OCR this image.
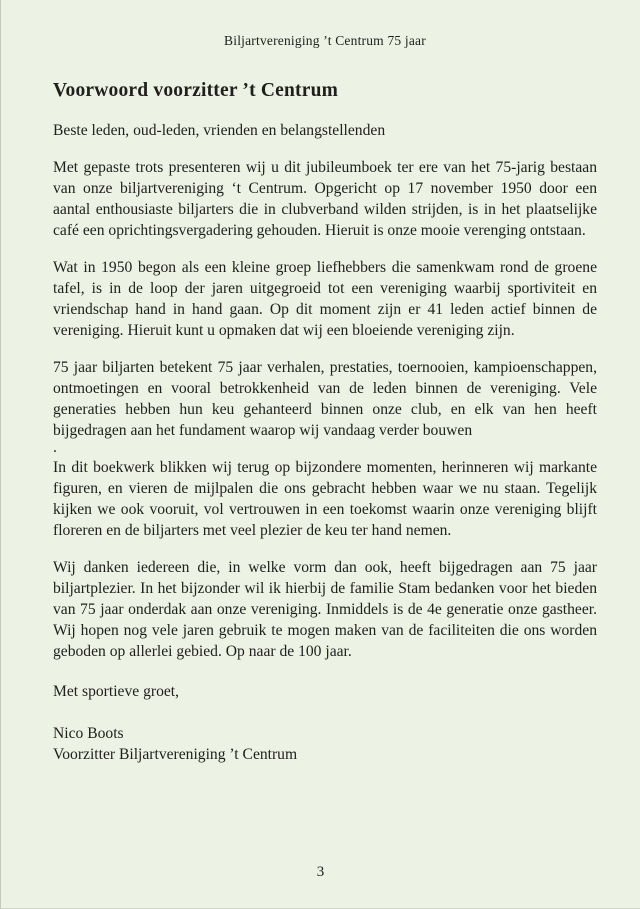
Biljartvereniging ’t Centrum 75 jaar
Voorwoord voorzitter ’t Centrum

Beste leden, oud-leden, vrienden en belangstellenden

Met gepaste trots presenteren wij u dit jubileumboek ter ere van het 75-jarig bestaan van onze biljartvereniging ‘t Centrum. Opgericht op 17 november 1950 door een aantal enthousiaste biljarters die in clubverband wilden strijden, is in het plaatselijke café een oprichtingsvergadering gehouden. Hieruit is onze mooie verenging ontstaan.

Wat in 1950 begon als een kleine groep liefhebbers die samenkwam rond de groene tafel, is in de loop der jaren uitgegroeid tot een vereniging waarbij sportiviteit en vriendschap hand in hand gaan. Op dit moment zijn er 41 leden actief binnen de vereniging. Hieruit kunt u opmaken dat wij een bloeiende vereniging zijn.

75 jaar biljarten betekent 75 jaar verhalen, prestaties, toernooien, kampioenschappen, ontmoetingen en vooral betrokkenheid van de leden binnen de vereniging. Vele generaties hebben hun keu gehanteerd binnen onze club, en elk van hen heeft bijgedragen aan het fundament waarop wij vandaag verder bouwen

.

In dit boekwerk blikken wij terug op bijzondere momenten, herinneren wij markante figuren, en vieren de mijlpalen die ons gebracht hebben waar we nu staan. Tegelijk kijken we ook vooruit, vol vertrouwen in een toekomst waarin onze vereniging blijft floreren en de biljarters met veel plezier de keu ter hand nemen.

Wij danken iedereen die, in welke vorm dan ook, heeft bijgedragen aan 75 jaar biljartplezier. In het bijzonder wil ik hierbij de familie Stam bedanken voor het bieden van 75 jaar onderdak aan onze vereniging. Inmiddels is de 4e generatie onze gastheer. Wij hopen nog vele jaren gebruik te mogen maken van de faciliteiten die ons worden geboden op allerlei gebied. Op naar de 100 jaar.

Met sportieve groet,

Nico Boots

Voorzitter Biljartvereniging ’t Centrum

3
